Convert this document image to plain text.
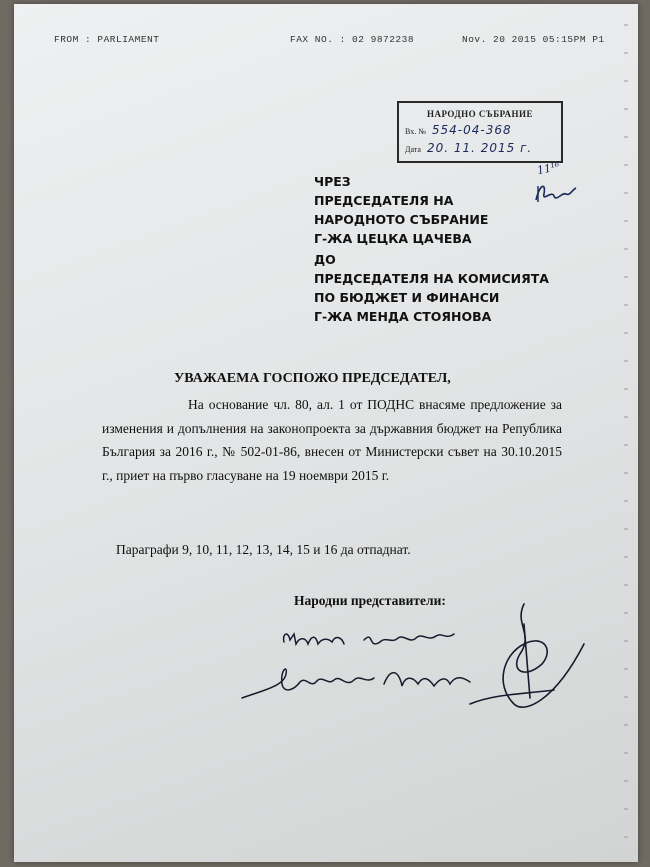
FROM : PARLIAMENT	FAX NO. : 02 9872238	Nov. 20 2015 05:15PM P1
НАРОДНО СЪБРАНИЕ
Вх. № 554-04-368
Дата 20. 11. 2015 г.
11¹⁶
ЧРЕЗ
ПРЕДСЕДАТЕЛЯ НА
НАРОДНОТО СЪБРАНИЕ
Г-ЖА ЦЕЦКА ЦАЧЕВА
ДО
ПРЕДСЕДАТЕЛЯ НА КОМИСИЯТА
ПО БЮДЖЕТ И ФИНАНСИ
Г-ЖА МЕНДА СТОЯНОВА
УВАЖАЕМА ГОСПОЖО ПРЕДСЕДАТЕЛ,
На основание чл. 80, ал. 1 от ПОДНС внасяме предложение за изменения и допълнения на законопроекта за държавния бюджет на Република България за 2016 г., № 502-01-86, внесен от Министерски съвет на 30.10.2015 г., приет на първо гласуване на 19 ноември 2015 г.
Параграфи 9, 10, 11, 12, 13, 14, 15 и 16 да отпаднат.
Народни представители:
